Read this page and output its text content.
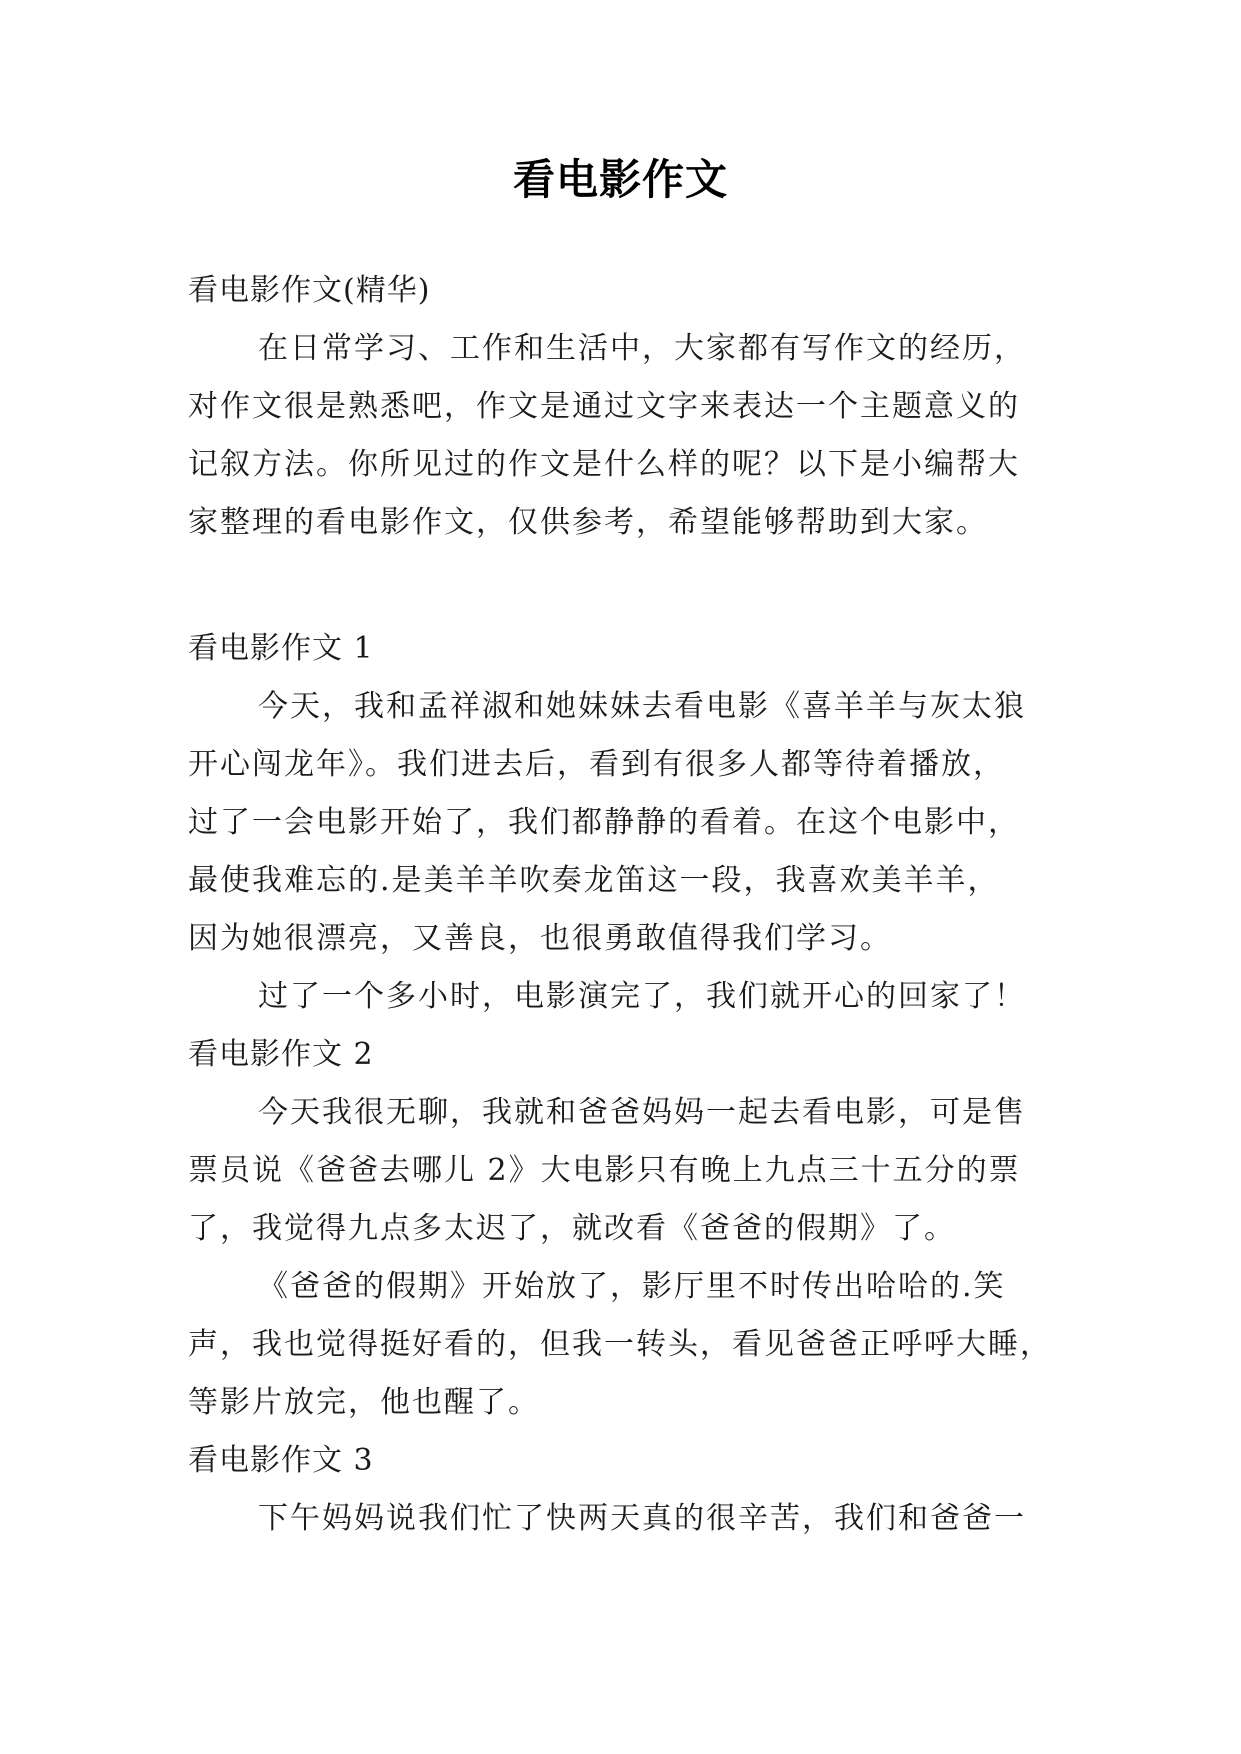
看电影作文
看电影作文(精华)
在日常学习、工作和生活中，大家都有写作文的经历，
对作文很是熟悉吧，作文是通过文字来表达一个主题意义的
记叙方法。你所见过的作文是什么样的呢？以下是小编帮大
家整理的看电影作文，仅供参考，希望能够帮助到大家。
看电影作文 1
今天，我和孟祥淑和她妹妹去看电影《喜羊羊与灰太狼
开心闯龙年》。我们进去后，看到有很多人都等待着播放，
过了一会电影开始了，我们都静静的看着。在这个电影中，
最使我难忘的.是美羊羊吹奏龙笛这一段，我喜欢美羊羊，
因为她很漂亮，又善良，也很勇敢值得我们学习。
过了一个多小时，电影演完了，我们就开心的回家了！
看电影作文 2
今天我很无聊，我就和爸爸妈妈一起去看电影，可是售
票员说《爸爸去哪儿 2》大电影只有晚上九点三十五分的票
了，我觉得九点多太迟了，就改看《爸爸的假期》了。
《爸爸的假期》开始放了，影厅里不时传出哈哈的.笑
声，我也觉得挺好看的，但我一转头，看见爸爸正呼呼大睡，
等影片放完，他也醒了。
看电影作文 3
下午妈妈说我们忙了快两天真的很辛苦，我们和爸爸一
